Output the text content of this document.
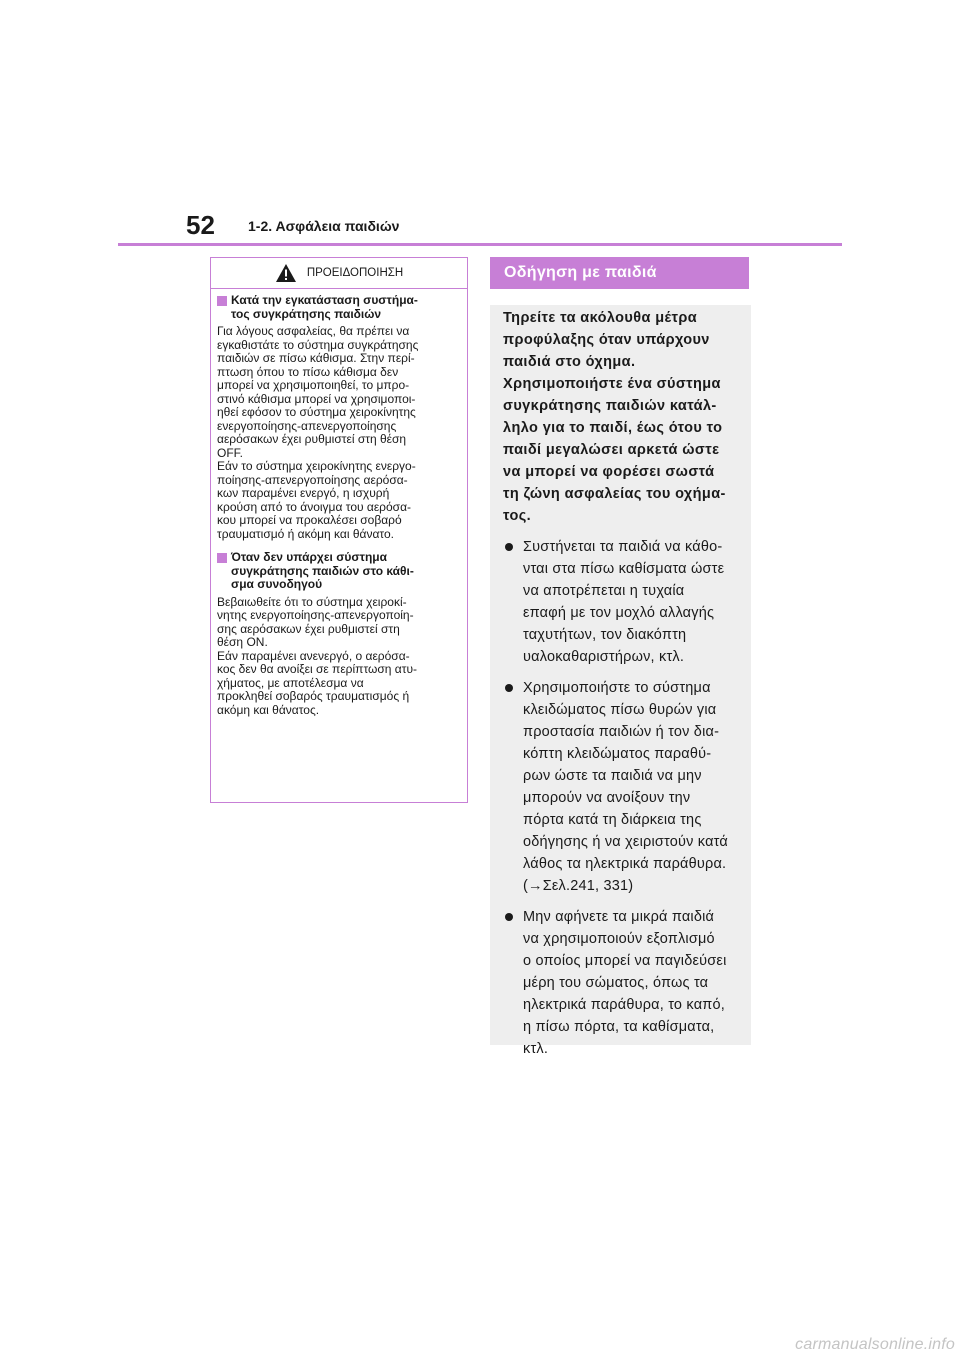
52 1-2. Ασφάλεια παιδιών
ΠΡΟΕΙΔΟΠΟΙΗΣΗ
Κατά την εγκατάσταση συστήμα-
τος συγκράτησης παιδιών

Για λόγους ασφαλείας, θα πρέπει να

εγκαθιστάτε το σύστημα συγκράτησης

παιδιών σε πίσω κάθισμα. Στην περί-

πτωση όπου το πίσω κάθισμα δεν

μπορεί να χρησιμοποιηθεί, το μπρο-

στινό κάθισμα μπορεί να χρησιμοποι-

ηθεί εφόσον το σύστημα χειροκίνητης

ενεργοποίησης-απενεργοποίησης

αερόσακων έχει ρυθμιστεί στη θέση

OFF.

Εάν το σύστημα χειροκίνητης ενεργο-

ποίησης-απενεργοποίησης αερόσα-

κων παραμένει ενεργό, η ισχυρή

κρούση από το άνοιγμα του αερόσα-

κου μπορεί να προκαλέσει σοβαρό

τραυματισμό ή ακόμη και θάνατο.

Όταν δεν υπάρχει σύστημα
συγκράτησης παιδιών στο κάθι-
σμα συνοδηγού

Βεβαιωθείτε ότι το σύστημα χειροκί-

νητης ενεργοποίησης-απενεργοποίη-

σης αερόσακων έχει ρυθμιστεί στη

θέση ON.

Εάν παραμένει ανενεργό, ο αερόσα-

κος δεν θα ανοίξει σε περίπτωση ατυ-

χήματος, με αποτέλεσμα να

προκληθεί σοβαρός τραυματισμός ή

ακόμη και θάνατος.

Οδήγηση με παιδιά

Τηρείτε τα ακόλουθα μέτρα

προφύλαξης όταν υπάρχουν

παιδιά στο όχημα.

Χρησιμοποιήστε ένα σύστημα

συγκράτησης παιδιών κατάλ-

ληλο για το παιδί, έως ότου το

παιδί μεγαλώσει αρκετά ώστε

να μπορεί να φορέσει σωστά

τη ζώνη ασφαλείας του οχήμα-

τος.

Συστήνεται τα παιδιά να κάθο-

νται στα πίσω καθίσματα ώστε

να αποτρέπεται η τυχαία

επαφή με τον μοχλό αλλαγής

ταχυτήτων, τον διακόπτη

υαλοκαθαριστήρων, κτλ.

Χρησιμοποιήστε το σύστημα

κλειδώματος πίσω θυρών για

προστασία παιδιών ή τον δια-

κόπτη κλειδώματος παραθύ-

ρων ώστε τα παιδιά να μην

μπορούν να ανοίξουν την

πόρτα κατά τη διάρκεια της

οδήγησης ή να χειριστούν κατά

λάθος τα ηλεκτρικά παράθυρα.

(→Σελ.241, 331)

Μην αφήνετε τα μικρά παιδιά

να χρησιμοποιούν εξοπλισμό

ο οποίος μπορεί να παγιδεύσει

μέρη του σώματος, όπως τα

ηλεκτρικά παράθυρα, το καπό,

η πίσω πόρτα, τα καθίσματα,

κτλ.

carmanualsonline.info
